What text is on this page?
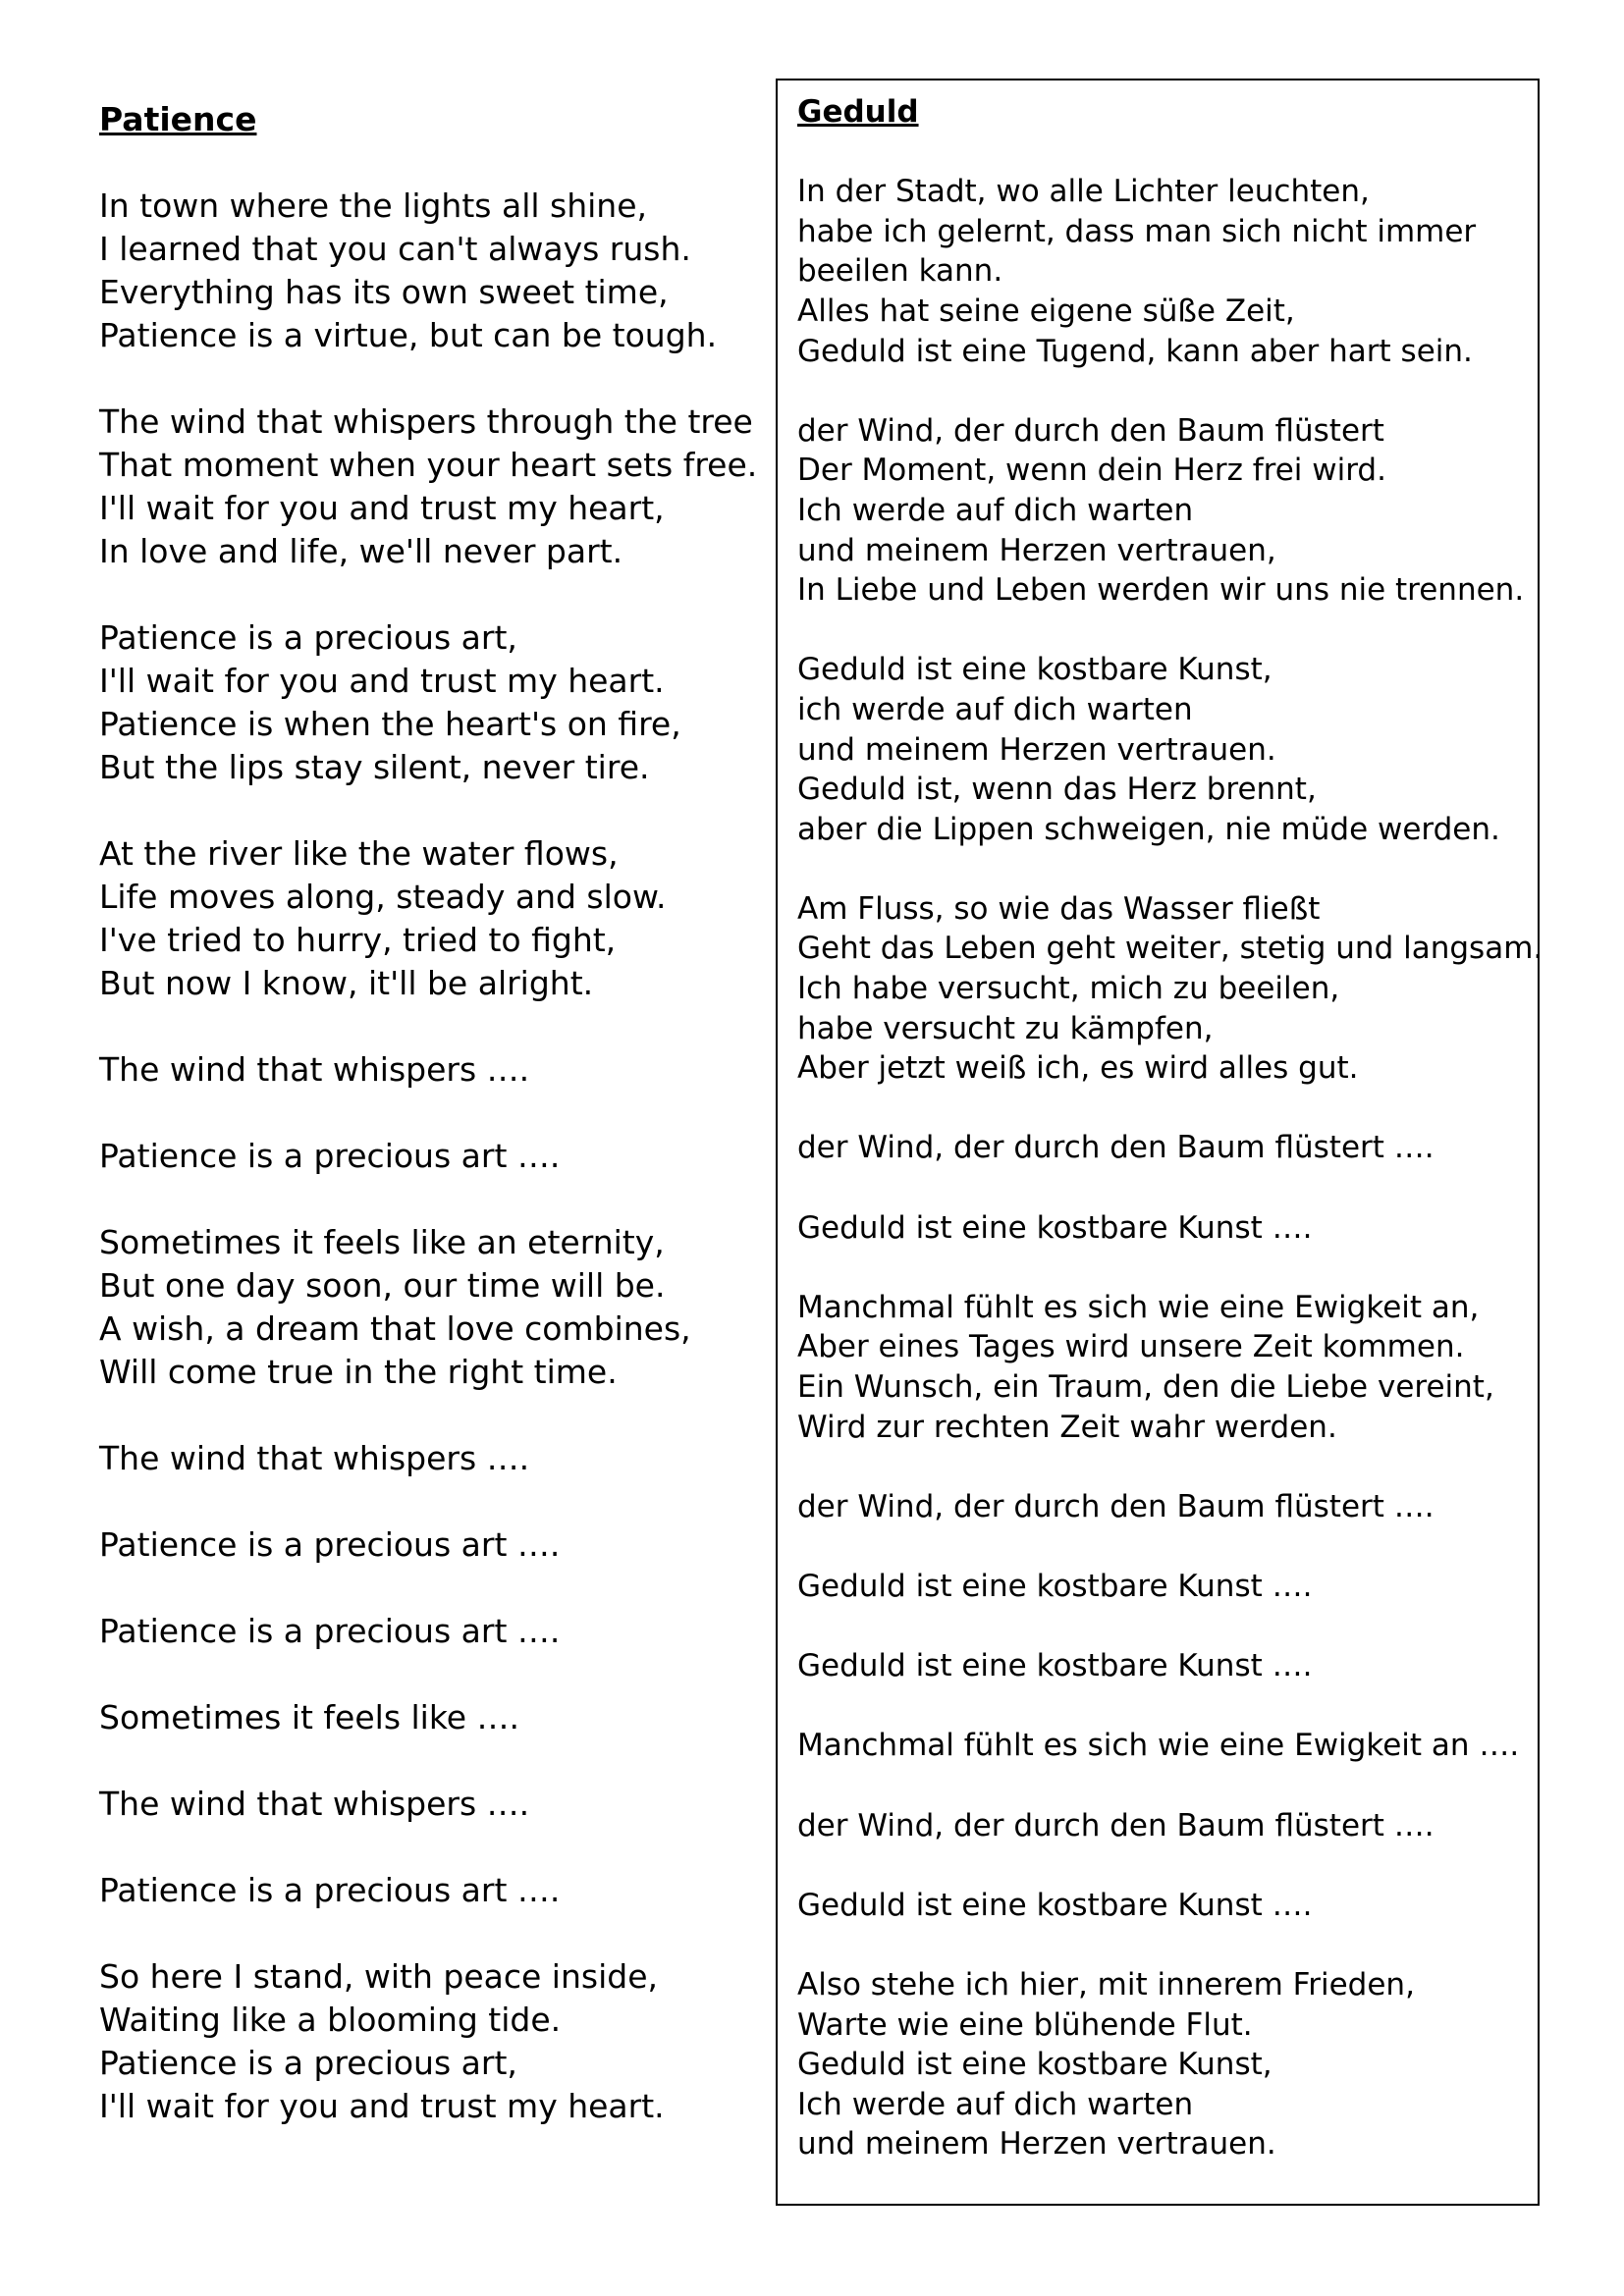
Patience
In town where the lights all shine,
I learned that you can't always rush.
Everything has its own sweet time,
Patience is a virtue, but can be tough.
The wind that whispers through the tree
That moment when your heart sets free.
I'll wait for you and trust my heart,
In love and life, we'll never part.
Patience is a precious art,
I'll wait for you and trust my heart.
Patience is when the heart's on fire,
But the lips stay silent, never tire.
At the river like the water flows,
Life moves along, steady and slow.
I've tried to hurry, tried to fight,
But now I know, it'll be alright.
The wind that whispers ….
Patience is a precious art ….
Sometimes it feels like an eternity,
But one day soon, our time will be.
A wish, a dream that love combines,
Will come true in the right time.
The wind that whispers ….
Patience is a precious art ….
Patience is a precious art ….
Sometimes it feels like ….
The wind that whispers ….
Patience is a precious art ….
So here I stand, with peace inside,
Waiting like a blooming tide.
Patience is a precious art,
I'll wait for you and trust my heart.
Geduld
In der Stadt, wo alle Lichter leuchten,
habe ich gelernt, dass man sich nicht immer
beeilen kann.
Alles hat seine eigene süße Zeit,
Geduld ist eine Tugend, kann aber hart sein.
der Wind, der durch den Baum flüstert
Der Moment, wenn dein Herz frei wird.
Ich werde auf dich warten
und meinem Herzen vertrauen,
In Liebe und Leben werden wir uns nie trennen.
Geduld ist eine kostbare Kunst,
ich werde auf dich warten
und meinem Herzen vertrauen.
Geduld ist, wenn das Herz brennt,
aber die Lippen schweigen, nie müde werden.
Am Fluss, so wie das Wasser fließt
Geht das Leben geht weiter, stetig und langsam.
Ich habe versucht, mich zu beeilen,
habe versucht zu kämpfen,
Aber jetzt weiß ich, es wird alles gut.
der Wind, der durch den Baum flüstert ….
Geduld ist eine kostbare Kunst ….
Manchmal fühlt es sich wie eine Ewigkeit an,
Aber eines Tages wird unsere Zeit kommen.
Ein Wunsch, ein Traum, den die Liebe vereint,
Wird zur rechten Zeit wahr werden.
der Wind, der durch den Baum flüstert ….
Geduld ist eine kostbare Kunst ….
Geduld ist eine kostbare Kunst ….
Manchmal fühlt es sich wie eine Ewigkeit an ….
der Wind, der durch den Baum flüstert ….
Geduld ist eine kostbare Kunst ….
Also stehe ich hier, mit innerem Frieden,
Warte wie eine blühende Flut.
Geduld ist eine kostbare Kunst,
Ich werde auf dich warten
und meinem Herzen vertrauen.
